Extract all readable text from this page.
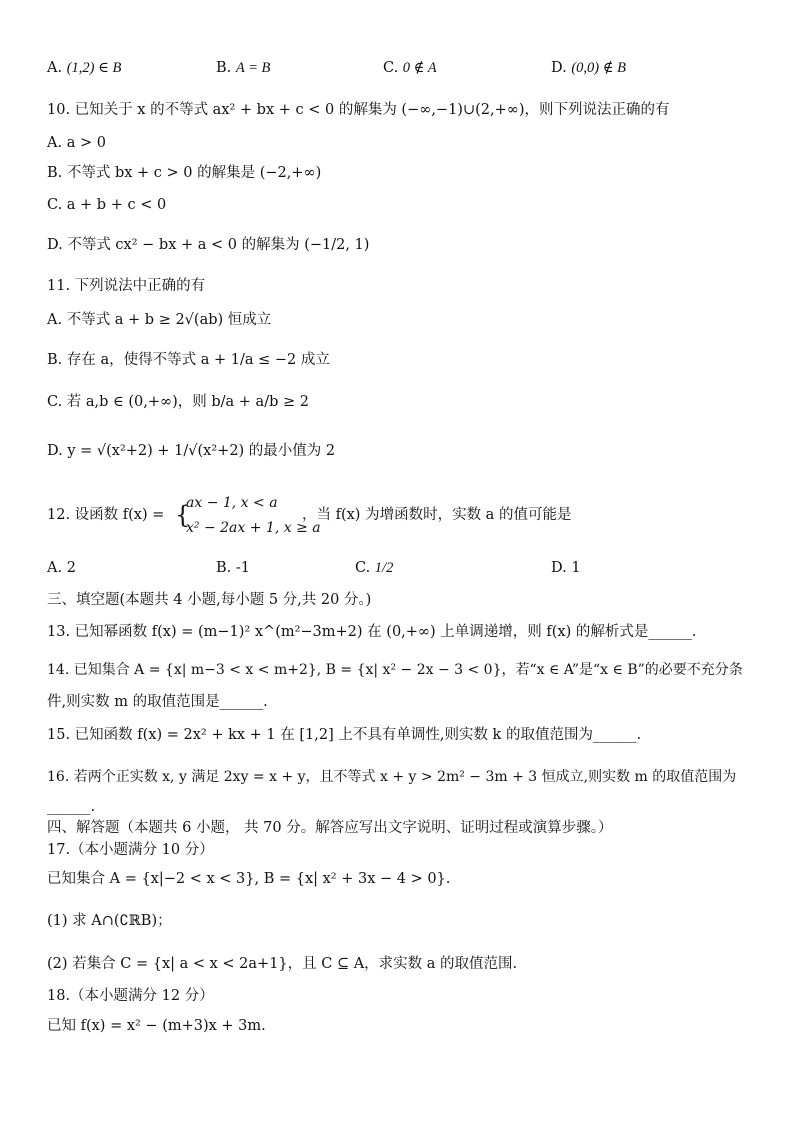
A. (1,2) ∈ B	B. A = B	C. 0 ∉ A	D. (0,0) ∉ B
10. 已知关于 x 的不等式 ax² + bx + c < 0 的解集为 (−∞,−1)∪(2,+∞)，则下列说法正确的有
A. a > 0
B. 不等式 bx + c > 0 的解集是 (−2,+∞)
C. a + b + c < 0
D. 不等式 cx² − bx + a < 0 的解集为 (−1/2, 1)
11. 下列说法中正确的有
A. 不等式 a + b ≥ 2√(ab) 恒成立
B. 存在 a，使得不等式 a + 1/a ≤ −2 成立
C. 若 a,b ∈ (0,+∞)，则 b/a + a/b ≥ 2
D. y = √(x²+2) + 1/√(x²+2) 的最小值为 2
12. 设函数 f(x) = {
ax − 1, x < a
x² − 2ax + 1, x ≥ a
，当 f(x) 为增函数时，实数 a 的值可能是
A. 2	B. -1	C. 1/2	D. 1
三、填空题(本题共 4 小题,每小题 5 分,共 20 分。)
13. 已知幂函数 f(x) = (m−1)² x^(m²−3m+2) 在 (0,+∞) 上单调递增，则 f(x) 的解析式是______.
14. 已知集合 A = {x| m−3 < x < m+2}, B = {x| x² − 2x − 3 < 0}，若“x ∈ A”是“x ∈ B”的必要不充分条
件,则实数 m 的取值范围是______.
15. 已知函数 f(x) = 2x² + kx + 1 在 [1,2] 上不具有单调性,则实数 k 的取值范围为______.
16. 若两个正实数 x, y 满足 2xy = x + y，且不等式 x + y > 2m² − 3m + 3 恒成立,则实数 m 的取值范围为
______.
四、解答题（本题共 6 小题， 共 70 分。解答应写出文字说明、证明过程或演算步骤。）
17.（本小题满分 10 分）
已知集合 A = {x|−2 < x < 3}, B = {x| x² + 3x − 4 > 0}.
(1) 求 A∩(∁ℝB)；
(2) 若集合 C = {x| a < x < 2a+1}，且 C ⊆ A，求实数 a 的取值范围.
18.（本小题满分 12 分）
已知 f(x) = x² − (m+3)x + 3m.
